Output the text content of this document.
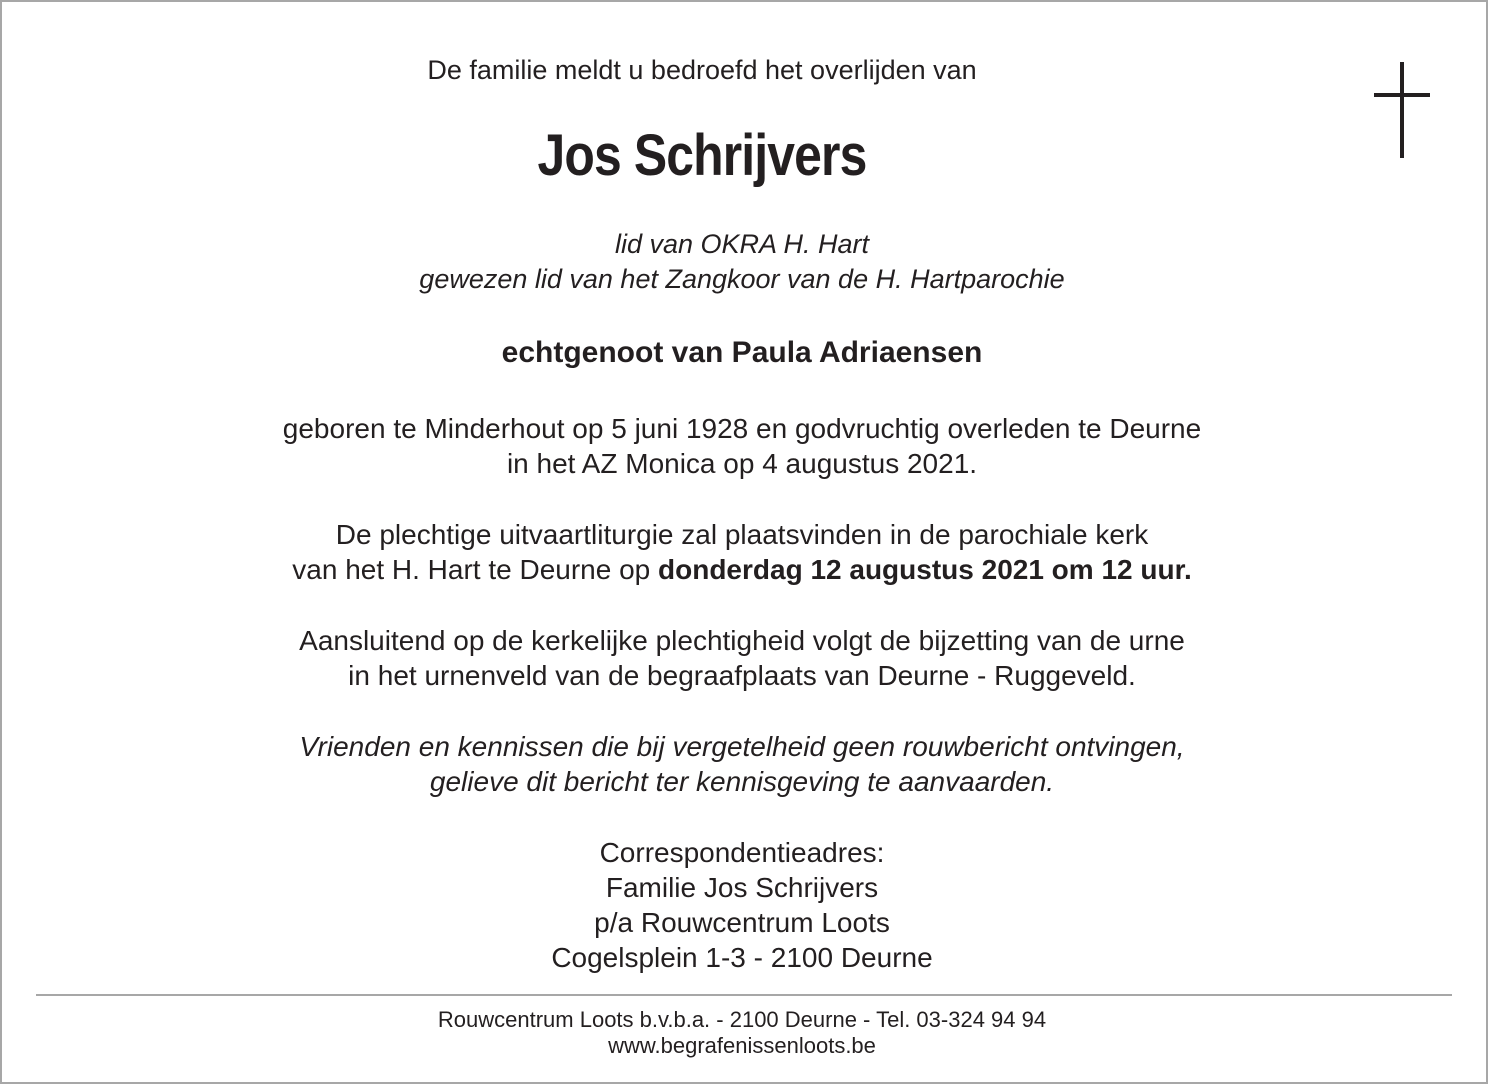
De familie meldt u bedroefd het overlijden van
Jos Schrijvers
lid van OKRA H. Hart
gewezen lid van het Zangkoor van de H. Hartparochie
echtgenoot van Paula Adriaensen
geboren te Minderhout op 5 juni 1928 en godvruchtig overleden te Deurne
in het AZ Monica op 4 augustus 2021.
De plechtige uitvaartliturgie zal plaatsvinden in de parochiale kerk
van het H. Hart te Deurne op donderdag 12 augustus 2021 om 12 uur.
Aansluitend op de kerkelijke plechtigheid volgt de bijzetting van de urne
in het urnenveld van de begraafplaats van Deurne - Ruggeveld.
Vrienden en kennissen die bij vergetelheid geen rouwbericht ontvingen,
gelieve dit bericht ter kennisgeving te aanvaarden.
Correspondentieadres:
Familie Jos Schrijvers
p/a Rouwcentrum Loots
Cogelsplein 1-3 - 2100 Deurne
Rouwcentrum Loots b.v.b.a. - 2100 Deurne - Tel. 03-324 94 94
www.begrafenissenloots.be
